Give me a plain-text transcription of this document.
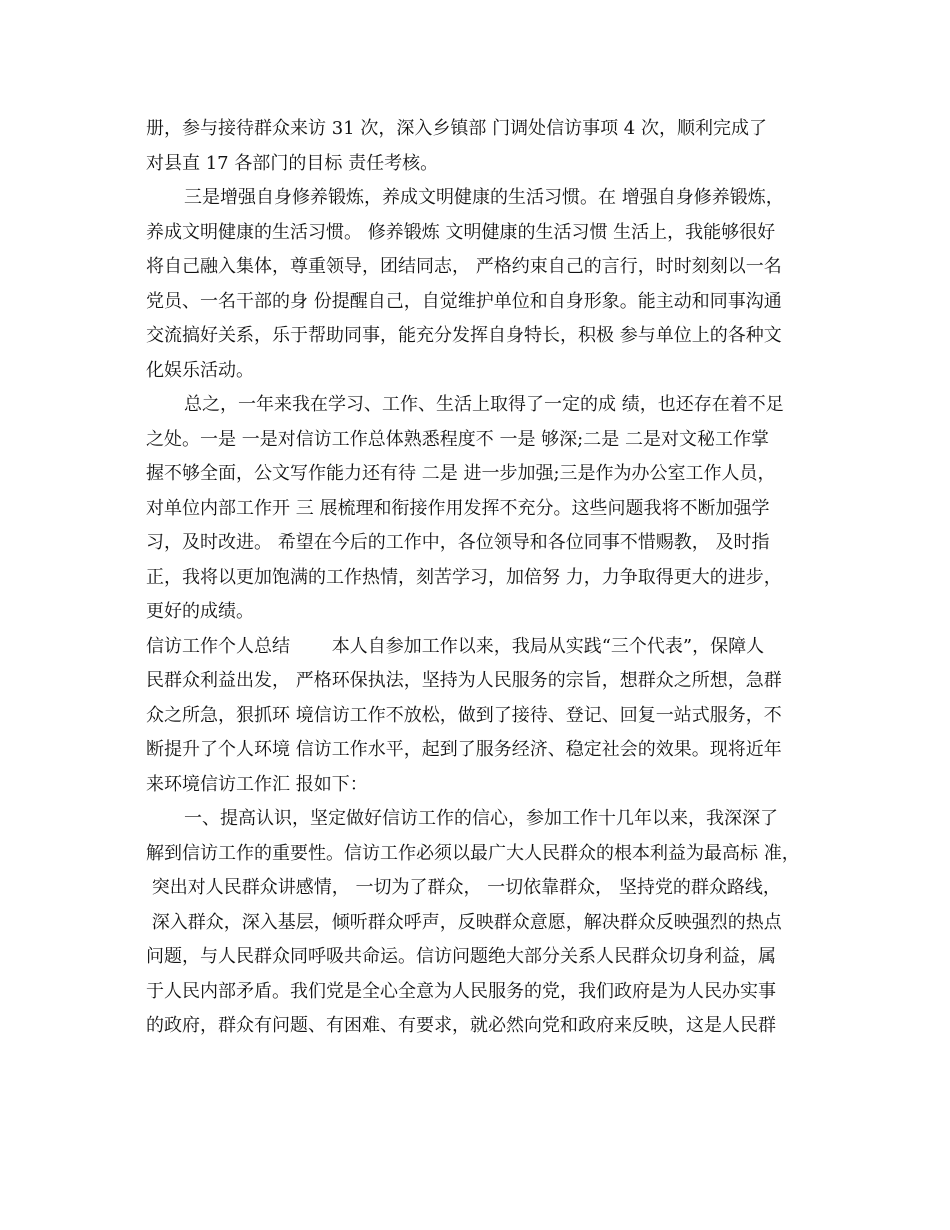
册，参与接待群众来访 31 次，深入乡镇部 门调处信访事项 4 次，顺利完成了
对县直 17 各部门的目标 责任考核。
三是增强自身修养锻炼，养成文明健康的生活习惯。在 增强自身修养锻炼，
养成文明健康的生活习惯。 修养锻炼 文明健康的生活习惯 生活上，我能够很好
将自己融入集体，尊重领导，团结同志， 严格约束自己的言行，时时刻刻以一名
党员、一名干部的身 份提醒自己，自觉维护单位和自身形象。能主动和同事沟通
交流搞好关系，乐于帮助同事，能充分发挥自身特长，积极 参与单位上的各种文
化娱乐活动。
总之，一年来我在学习、工作、生活上取得了一定的成 绩，也还存在着不足
之处。一是 一是对信访工作总体熟悉程度不 一是 够深;二是 二是对文秘工作掌
握不够全面，公文写作能力还有待 二是 进一步加强;三是作为办公室工作人员，
对单位内部工作开 三 展梳理和衔接作用发挥不充分。这些问题我将不断加强学
习，及时改进。 希望在今后的工作中，各位领导和各位同事不惜赐教， 及时指
正，我将以更加饱满的工作热情，刻苦学习，加倍努 力，力争取得更大的进步，
更好的成绩。
信访工作个人总结 　　本人自参加工作以来，我局从实践“三个代表”，保障人
民群众利益出发， 严格环保执法，坚持为人民服务的宗旨，想群众之所想，急群
众之所急，狠抓环 境信访工作不放松，做到了接待、登记、回复一站式服务，不
断提升了个人环境 信访工作水平，起到了服务经济、稳定社会的效果。现将近年
来环境信访工作汇 报如下：
一、提高认识，坚定做好信访工作的信心，参加工作十几年以来，我深深了
解到信访工作的重要性。信访工作必须以最广大人民群众的根本利益为最高标 准，
突出对人民群众讲感情， 一切为了群众， 一切依靠群众， 坚持党的群众路线，
深入群众，深入基层，倾听群众呼声，反映群众意愿，解决群众反映强烈的热点
问题，与人民群众同呼吸共命运。信访问题绝大部分关系人民群众切身利益，属
于人民内部矛盾。我们党是全心全意为人民服务的党，我们政府是为人民办实事
的政府，群众有问题、有困难、有要求，就必然向党和政府来反映，这是人民群
